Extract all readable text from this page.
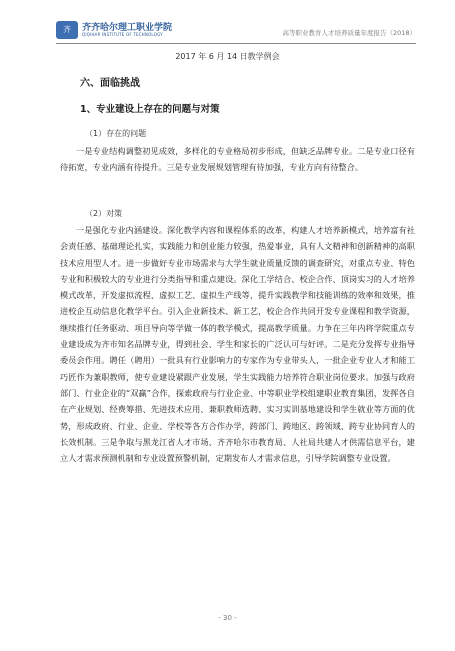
齐	齐齐哈尔理工职业学院
QIQIHAR INSTITUTE OF TECHNOLOGY	高等职业教育人才培养质量年度报告（2018）
2017 年 6 月 14 日教学例会
六、面临挑战
1、专业建设上存在的问题与对策
（1）存在的问题

一是专业结构调整初见成效，多样化的专业格局初步形成，但缺乏品牌专业。二是专业口径有待拓宽，专业内涵有待提升。三是专业发展规划管理有待加强，专业方向有待整合。

（2）对策

一是强化专业内涵建设。深化教学内容和课程体系的改革，构建人才培养新模式，培养富有社会责任感、基础理论扎实，实践能力和创业能力较强，热爱事业，具有人文精神和创新精神的高职技术应用型人才。进一步做好专业市场需求与大学生就业质量反馈的调查研究，对重点专业、特色专业和积极较大的专业进行分类指导和重点建设。深化工学结合、校企合作、顶岗实习的人才培养模式改革，开发虚拟流程、虚拟工艺、虚拟生产线等，提升实践教学和技能训练的效率和效果，推进校企互动信息化教学平台。引入企业新技术、新工艺，校企合作共同开发专业课程和教学资源，继续推行任务驱动、项目导向等学做一体的教学模式，提高教学质量。力争在三年内将学院重点专业建设成为齐市知名品牌专业，得到社会、学生和家长的广泛认可与好评。二是充分发挥专业指导委员会作用。聘任（聘用）一批具有行业影响力的专家作为专业带头人，一批企业专业人才和能工巧匠作为兼职教师，使专业建设紧跟产业发展，学生实践能力培养符合职业岗位要求。加强与政府部门、行业企业的“双赢”合作，探索政府与行业企业、中等职业学校组建职业教育集团，发挥各自在产业规划、经费筹措、先进技术应用、兼职教师选聘、实习实训基地建设和学生就业等方面的优势，形成政府、行业、企业、学校等各方合作办学，跨部门、跨地区、跨领域、跨专业协同育人的长效机制。三是争取与黑龙江省人才市场、齐齐哈尔市教育局、人社局共建人才供需信息平台，建立人才需求预测机制和专业设置预警机制，定期发布人才需求信息，引导学院调整专业设置。

- 30 -
